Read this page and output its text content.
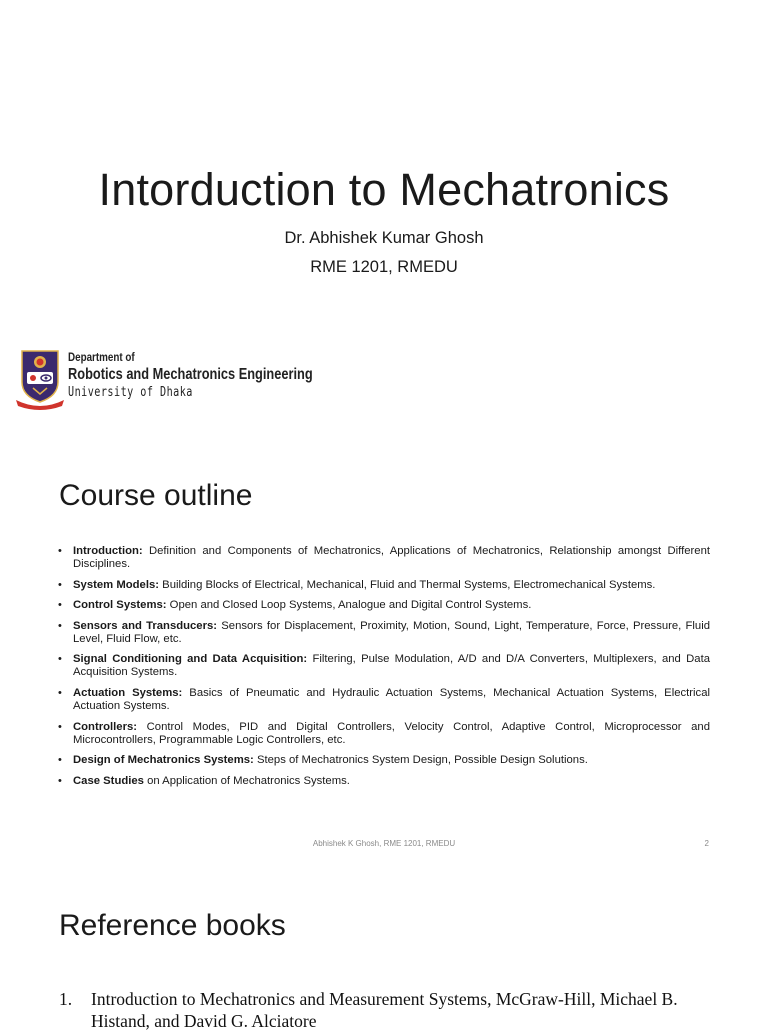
Intorduction to Mechatronics
Dr. Abhishek Kumar Ghosh
RME 1201, RMEDU
Department of
Robotics and Mechatronics Engineering
University of Dhaka
Course outline
• Introduction: Definition and Components of Mechatronics, Applications of Mechatronics, Relationship amongst Different Disciplines.
• System Models: Building Blocks of Electrical, Mechanical, Fluid and Thermal Systems, Electromechanical Systems.
• Control Systems: Open and Closed Loop Systems, Analogue and Digital Control Systems.
• Sensors and Transducers: Sensors for Displacement, Proximity, Motion, Sound, Light, Temperature, Force, Pressure, Fluid Level, Fluid Flow, etc.
• Signal Conditioning and Data Acquisition: Filtering, Pulse Modulation, A/D and D/A Converters, Multiplexers, and Data Acquisition Systems.
• Actuation Systems: Basics of Pneumatic and Hydraulic Actuation Systems, Mechanical Actuation Systems, Electrical Actuation Systems.
• Controllers: Control Modes, PID and Digital Controllers, Velocity Control, Adaptive Control, Microprocessor and Microcontrollers, Programmable Logic Controllers, etc.
• Design of Mechatronics Systems: Steps of Mechatronics System Design, Possible Design Solutions.
• Case Studies on Application of Mechatronics Systems.
Abhishek K Ghosh, RME 1201, RMEDU	2
Reference books
1. Introduction to Mechatronics and Measurement Systems, McGraw-Hill, Michael B. Histand, and David G. Alciatore
